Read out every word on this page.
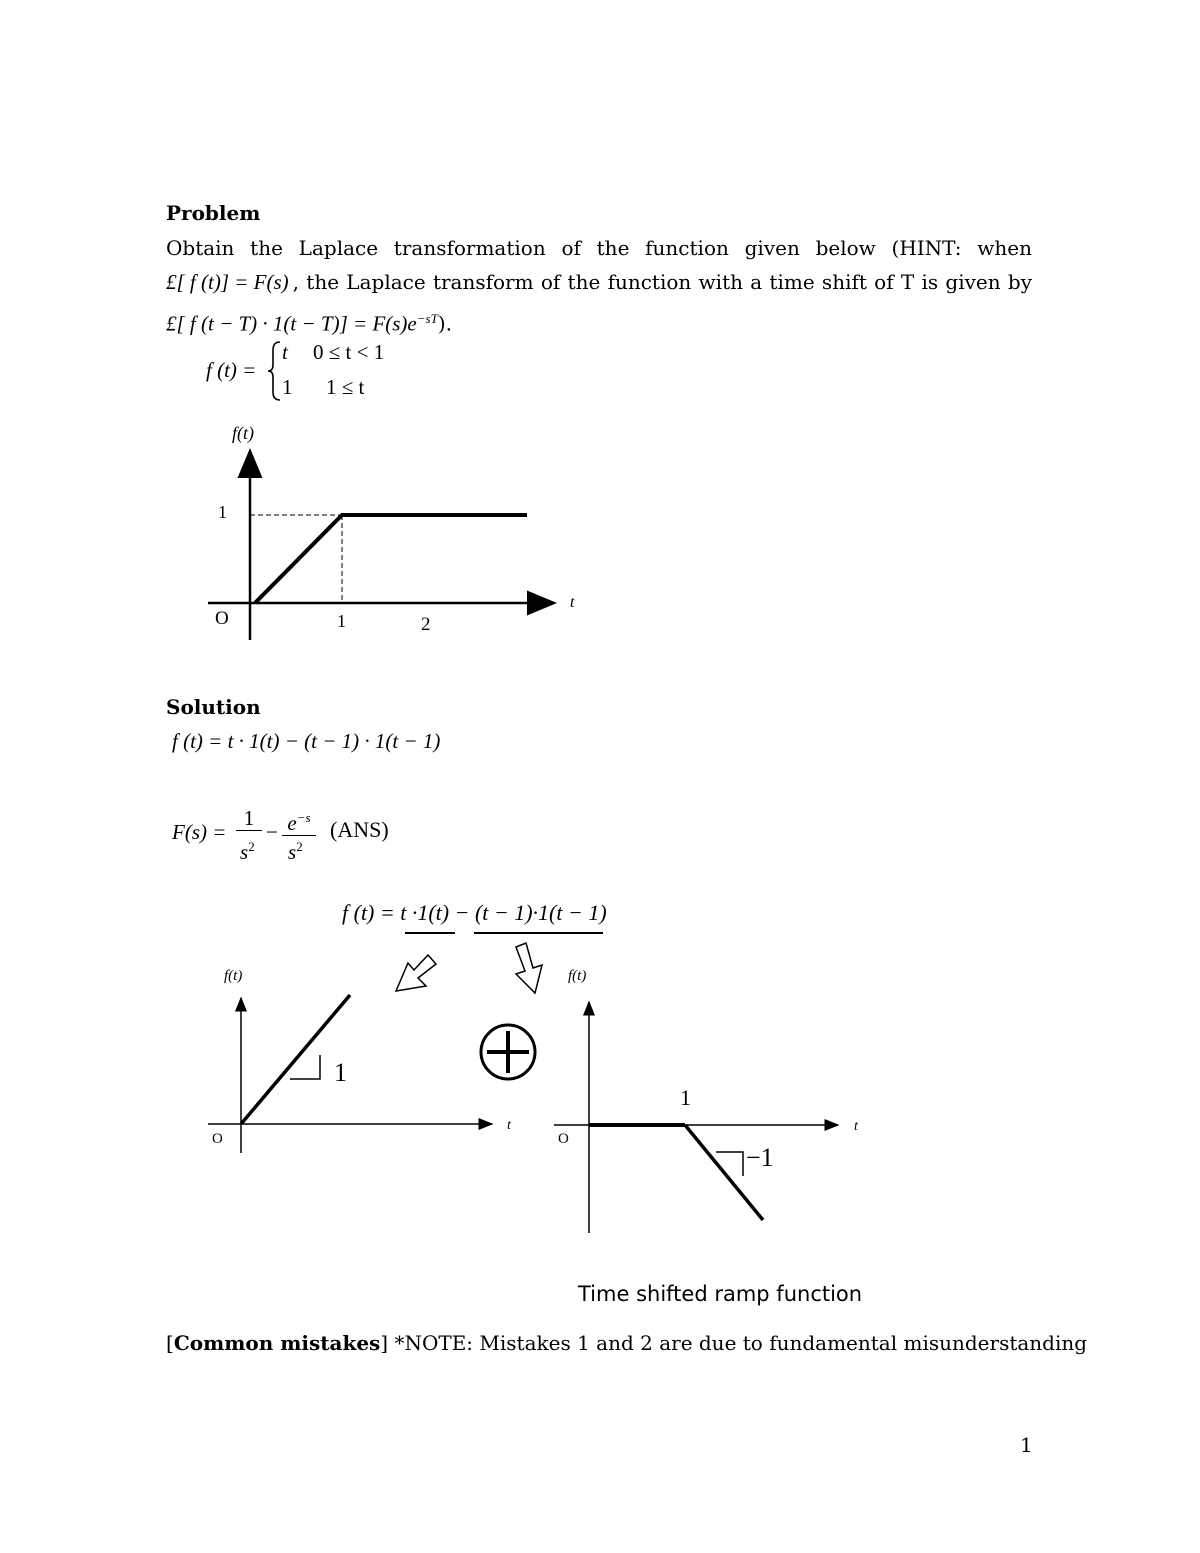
Problem
Obtain the Laplace transformation of the function given below (HINT: when
£[ f (t)] = F(s) , the Laplace transform of the function with a time shift of T is given by
£[ f $(t - T) \cdot 1(t - T)] = F(s)e^{-sT}$).
f (t) =
t 0 ≤ t < 1
1 1 ≤ t
f(t)
t
O
1
1	2
Solution
f (t) = t · 1(t) − (t − 1) · 1(t − 1)
F(s) =
1
$s^2$
− $e^{-s}$
$s^2$
(ANS)
f (t) = t ·1(t) − (t − 1)·1(t − 1)
1
f(t)
t
O
−1
1
f(t)
t
O
Time shifted ramp function
[Common mistakes] *NOTE: Mistakes 1 and 2 are due to fundamental misunderstanding
1
